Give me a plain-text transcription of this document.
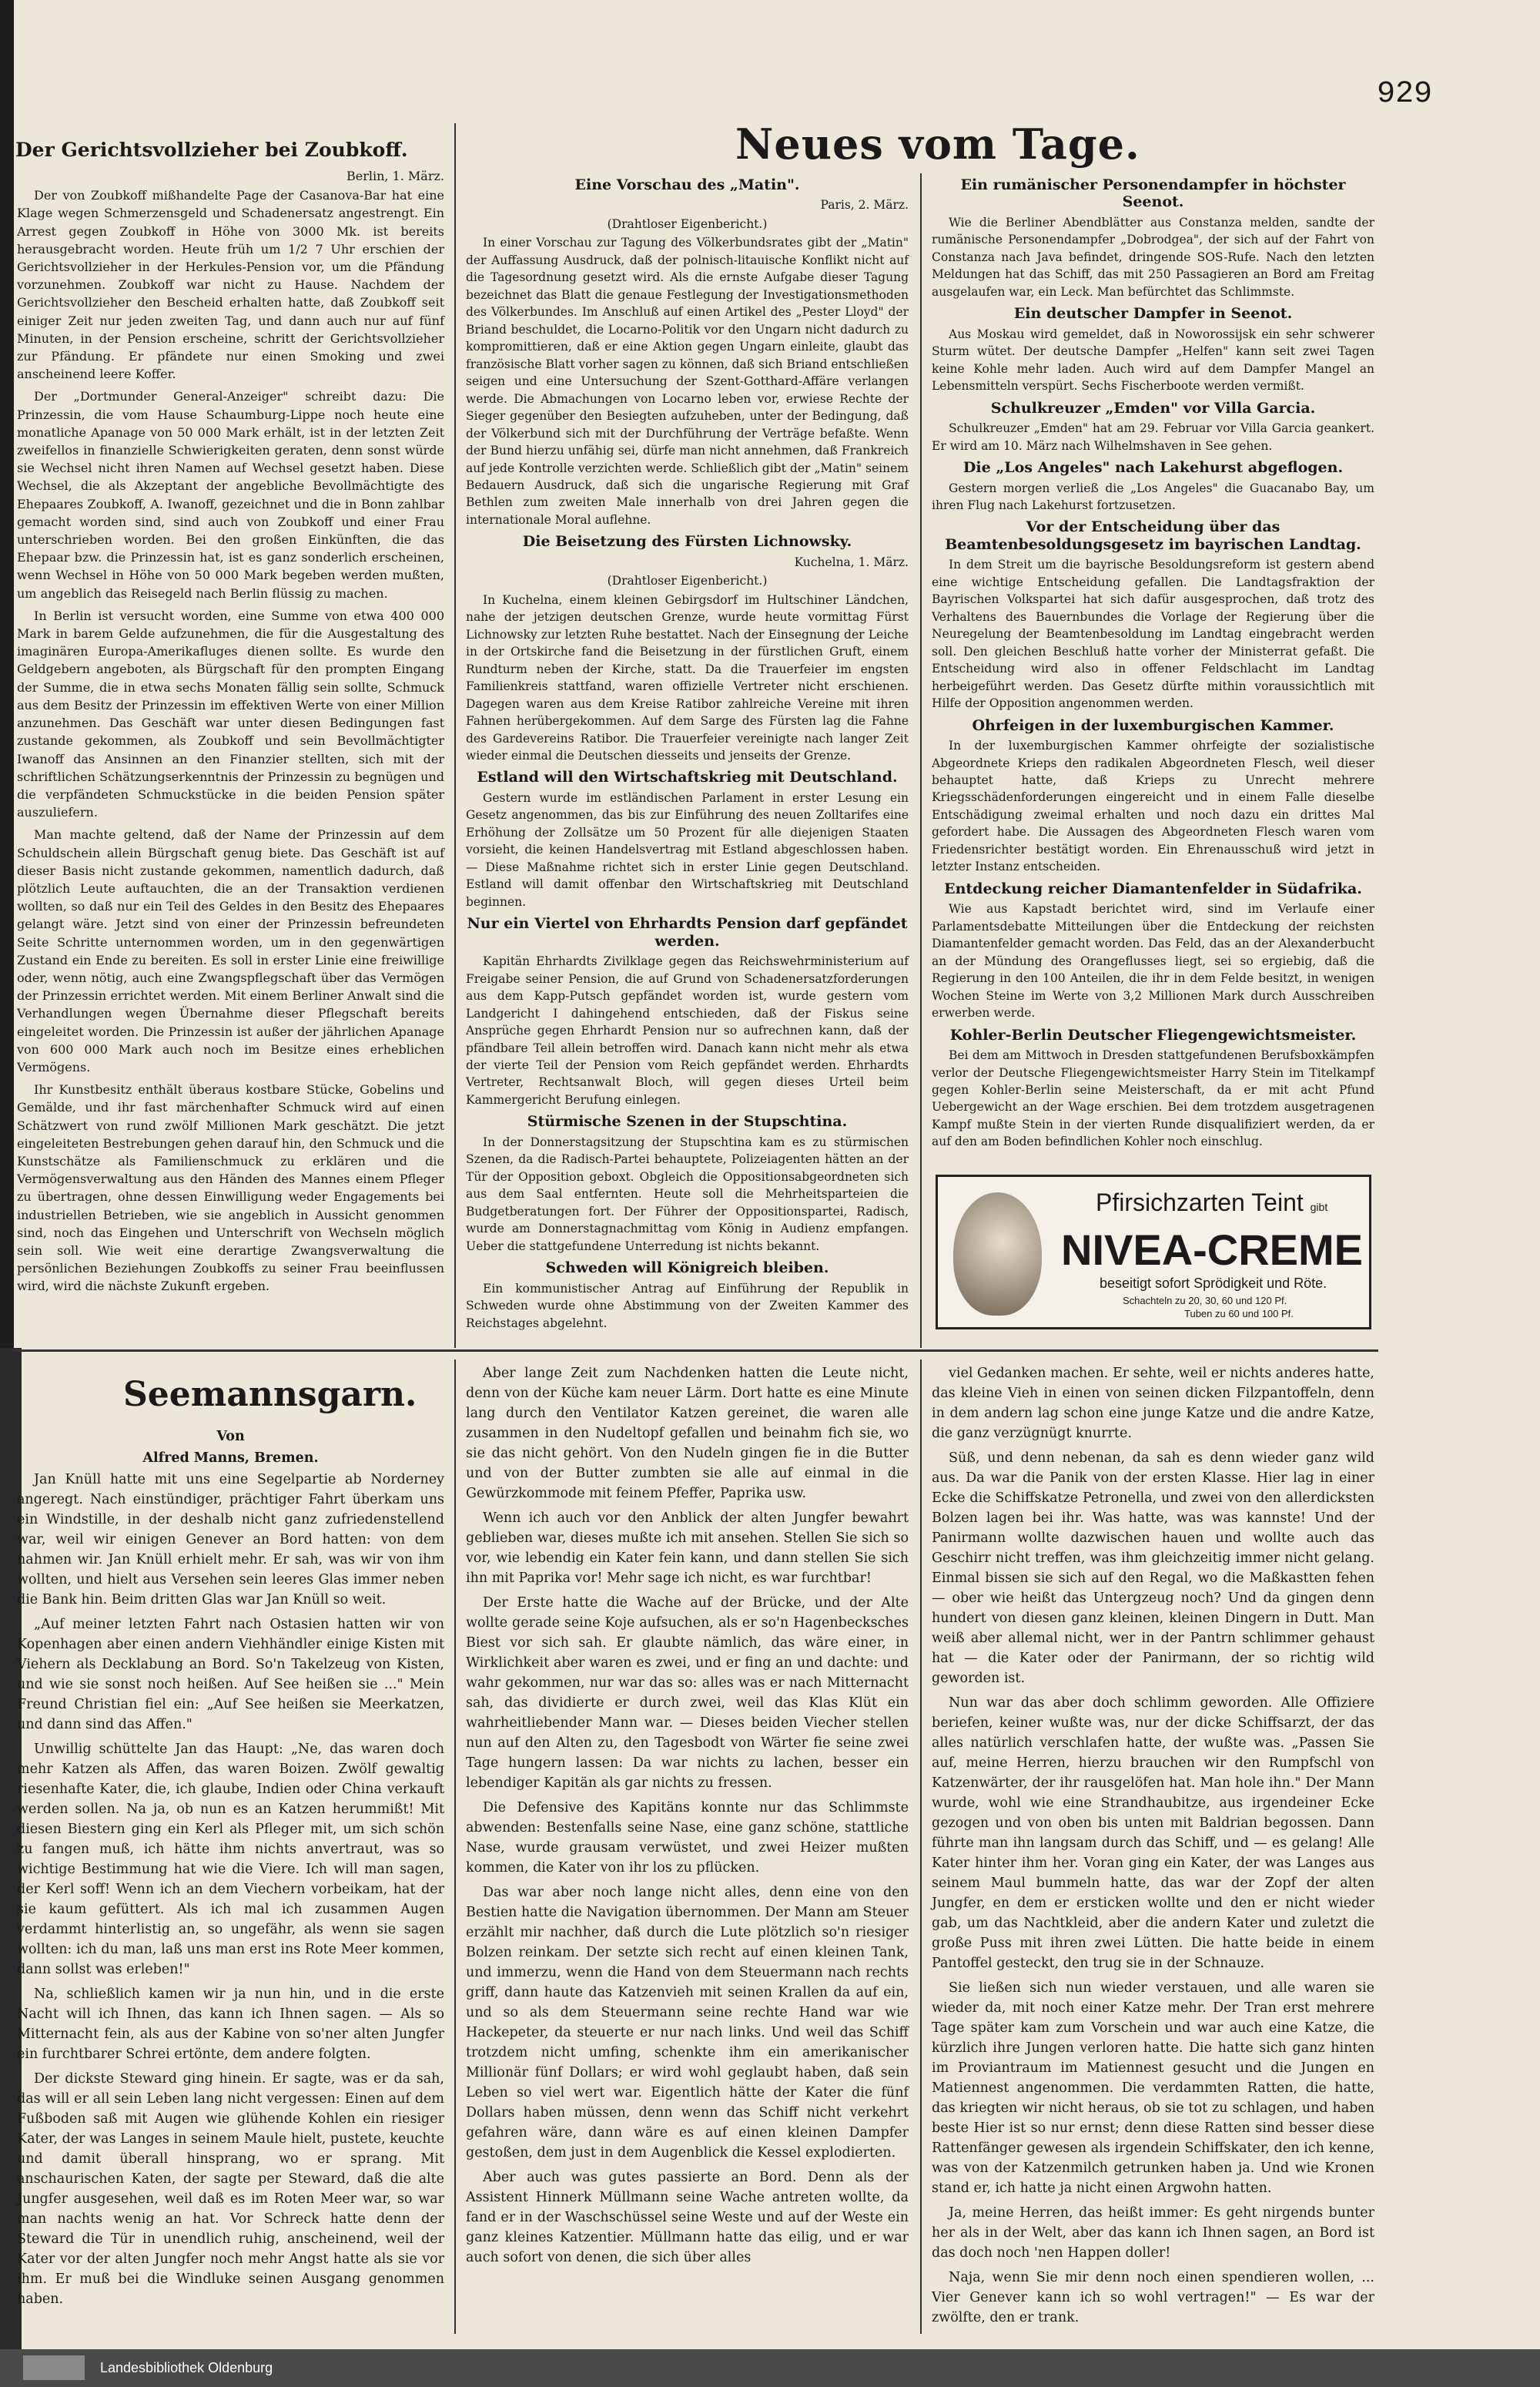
929
Neues vom Tage.
Der Gerichtsvollzieher bei Zoubkoff.
Berlin, 1. März.

Der von Zoubkoff mißhandelte Page der Casanova-Bar hat eine Klage wegen Schmerzensgeld und Schadenersatz angestrengt. Ein Arrest gegen Zoubkoff in Höhe von 3000 Mk. ist bereits herausgebracht worden. Heute früh um 1/2 7 Uhr erschien der Gerichtsvollzieher in der Herkules-Pension vor, um die Pfändung vorzunehmen. Zoubkoff war nicht zu Hause. Nachdem der Gerichtsvollzieher den Bescheid erhalten hatte, daß Zoubkoff seit einiger Zeit nur jeden zweiten Tag, und dann auch nur auf fünf Minuten, in der Pension erscheine, schritt der Gerichtsvollzieher zur Pfändung. Er pfändete nur einen Smoking und zwei anscheinend leere Koffer.

Der „Dortmunder General-Anzeiger" schreibt dazu: Die Prinzessin, die vom Hause Schaumburg-Lippe noch heute eine monatliche Apanage von 50 000 Mark erhält, ist in der letzten Zeit zweifellos in finanzielle Schwierigkeiten geraten, denn sonst würde sie Wechsel nicht ihren Namen auf Wechsel gesetzt haben. Diese Wechsel, die als Akzeptant der angebliche Bevollmächtigte des Ehepaares Zoubkoff, A. Iwanoff, gezeichnet und die in Bonn zahlbar gemacht worden sind, sind auch von Zoubkoff und einer Frau unterschrieben worden. Bei den großen Einkünften, die das Ehepaar bzw. die Prinzessin hat, ist es ganz sonderlich erscheinen, wenn Wechsel in Höhe von 50 000 Mark begeben werden mußten, um angeblich das Reisegeld nach Berlin flüssig zu machen.

In Berlin ist versucht worden, eine Summe von etwa 400 000 Mark in barem Gelde aufzunehmen, die für die Ausgestaltung des imaginären Europa-Amerikafluges dienen sollte. Es wurde den Geldgebern angeboten, als Bürgschaft für den prompten Eingang der Summe, die in etwa sechs Monaten fällig sein sollte, Schmuck aus dem Besitz der Prinzessin im effektiven Werte von einer Million anzunehmen. Das Geschäft war unter diesen Bedingungen fast zustande gekommen, als Zoubkoff und sein Bevollmächtigter Iwanoff das Ansinnen an den Finanzier stellten, sich mit der schriftlichen Schätzungserkenntnis der Prinzessin zu begnügen und die verpfändeten Schmuckstücke in die beiden Pension später auszuliefern.

Man machte geltend, daß der Name der Prinzessin auf dem Schuldschein allein Bürgschaft genug biete. Das Geschäft ist auf dieser Basis nicht zustande gekommen, namentlich dadurch, daß plötzlich Leute auftauchten, die an der Transaktion verdienen wollten, so daß nur ein Teil des Geldes in den Besitz des Ehepaares gelangt wäre. Jetzt sind von einer der Prinzessin befreundeten Seite Schritte unternommen worden, um in den gegenwärtigen Zustand ein Ende zu bereiten. Es soll in erster Linie eine freiwillige oder, wenn nötig, auch eine Zwangspflegschaft über das Vermögen der Prinzessin errichtet werden. Mit einem Berliner Anwalt sind die Verhandlungen wegen Übernahme dieser Pflegschaft bereits eingeleitet worden. Die Prinzessin ist außer der jährlichen Apanage von 600 000 Mark auch noch im Besitze eines erheblichen Vermögens.

Ihr Kunstbesitz enthält überaus kostbare Stücke, Gobelins und Gemälde, und ihr fast märchenhafter Schmuck wird auf einen Schätzwert von rund zwölf Millionen Mark geschätzt. Die jetzt eingeleiteten Bestrebungen gehen darauf hin, den Schmuck und die Kunstschätze als Familienschmuck zu erklären und die Vermögensverwaltung aus den Händen des Mannes einem Pfleger zu übertragen, ohne dessen Einwilligung weder Engagements bei industriellen Betrieben, wie sie angeblich in Aussicht genommen sind, noch das Eingehen und Unterschrift von Wechseln möglich sein soll. Wie weit eine derartige Zwangsverwaltung die persönlichen Beziehungen Zoubkoffs zu seiner Frau beeinflussen wird, wird die nächste Zukunft ergeben.

Eine Vorschau des „Matin".
Paris, 2. März.
(Drahtloser Eigenbericht.)

In einer Vorschau zur Tagung des Völkerbundsrates gibt der „Matin" der Auffassung Ausdruck, daß der polnisch-litauische Konflikt nicht auf die Tagesordnung gesetzt wird. Als die ernste Aufgabe dieser Tagung bezeichnet das Blatt die genaue Festlegung der Investigationsmethoden des Völkerbundes. Im Anschluß auf einen Artikel des „Pester Lloyd" der Briand beschuldet, die Locarno-Politik vor den Ungarn nicht dadurch zu kompromittieren, daß er eine Aktion gegen Ungarn einleite, glaubt das französische Blatt vorher sagen zu können, daß sich Briand entschließen seigen und eine Untersuchung der Szent-Gotthard-Affäre verlangen werde. Die Abmachungen von Locarno leben vor, erwiese Rechte der Sieger gegenüber den Besiegten aufzuheben, unter der Bedingung, daß der Völkerbund sich mit der Durchführung der Verträge befaßte. Wenn der Bund hierzu unfähig sei, dürfe man nicht annehmen, daß Frankreich auf jede Kontrolle verzichten werde. Schließlich gibt der „Matin" seinem Bedauern Ausdruck, daß sich die ungarische Regierung mit Graf Bethlen zum zweiten Male innerhalb von drei Jahren gegen die internationale Moral auflehne.

Die Beisetzung des Fürsten Lichnowsky.
Kuchelna, 1. März.
(Drahtloser Eigenbericht.)

In Kuchelna, einem kleinen Gebirgsdorf im Hultschiner Ländchen, nahe der jetzigen deutschen Grenze, wurde heute vormittag Fürst Lichnowsky zur letzten Ruhe bestattet. Nach der Einsegnung der Leiche in der Ortskirche fand die Beisetzung in der fürstlichen Gruft, einem Rundturm neben der Kirche, statt. Da die Trauerfeier im engsten Familienkreis stattfand, waren offizielle Vertreter nicht erschienen. Dagegen waren aus dem Kreise Ratibor zahlreiche Vereine mit ihren Fahnen herübergekommen. Auf dem Sarge des Fürsten lag die Fahne des Gardevereins Ratibor. Die Trauerfeier vereinigte nach langer Zeit wieder einmal die Deutschen diesseits und jenseits der Grenze.

Estland will den Wirtschaftskrieg mit Deutschland.

Gestern wurde im estländischen Parlament in erster Lesung ein Gesetz angenommen, das bis zur Einführung des neuen Zolltarifes eine Erhöhung der Zollsätze um 50 Prozent für alle diejenigen Staaten vorsieht, die keinen Handelsvertrag mit Estland abgeschlossen haben. — Diese Maßnahme richtet sich in erster Linie gegen Deutschland. Estland will damit offenbar den Wirtschaftskrieg mit Deutschland beginnen.

Nur ein Viertel von Ehrhardts Pension darf gepfändet werden.

Kapitän Ehrhardts Zivilklage gegen das Reichswehrministerium auf Freigabe seiner Pension, die auf Grund von Schadenersatzforderungen aus dem Kapp-Putsch gepfändet worden ist, wurde gestern vom Landgericht I dahingehend entschieden, daß der Fiskus seine Ansprüche gegen Ehrhardt Pension nur so aufrechnen kann, daß der pfändbare Teil allein betroffen wird. Danach kann nicht mehr als etwa der vierte Teil der Pension vom Reich gepfändet werden. Ehrhardts Vertreter, Rechtsanwalt Bloch, will gegen dieses Urteil beim Kammergericht Berufung einlegen.

Stürmische Szenen in der Stupschtina.

In der Donnerstagsitzung der Stupschtina kam es zu stürmischen Szenen, da die Radisch-Partei behauptete, Polizeiagenten hätten an der Tür der Opposition geboxt. Obgleich die Oppositionsabgeordneten sich aus dem Saal entfernten. Heute soll die Mehrheitsparteien die Budgetberatungen fort. Der Führer der Oppositionspartei, Radisch, wurde am Donnerstagnachmittag vom König in Audienz empfangen. Ueber die stattgefundene Unterredung ist nichts bekannt.

Schweden will Königreich bleiben.

Ein kommunistischer Antrag auf Einführung der Republik in Schweden wurde ohne Abstimmung von der Zweiten Kammer des Reichstages abgelehnt.

Ein rumänischer Personendampfer in höchster Seenot.

Wie die Berliner Abendblätter aus Constanza melden, sandte der rumänische Personendampfer „Dobrodgea", der sich auf der Fahrt von Constanza nach Java befindet, dringende SOS-Rufe. Nach den letzten Meldungen hat das Schiff, das mit 250 Passagieren an Bord am Freitag ausgelaufen war, ein Leck. Man befürchtet das Schlimmste.

Ein deutscher Dampfer in Seenot.

Aus Moskau wird gemeldet, daß in Noworossijsk ein sehr schwerer Sturm wütet. Der deutsche Dampfer „Helfen" kann seit zwei Tagen keine Kohle mehr laden. Auch wird auf dem Dampfer Mangel an Lebensmitteln verspürt. Sechs Fischerboote werden vermißt.

Schulkreuzer „Emden" vor Villa Garcia.

Schulkreuzer „Emden" hat am 29. Februar vor Villa Garcia geankert. Er wird am 10. März nach Wilhelmshaven in See gehen.

Die „Los Angeles" nach Lakehurst abgeflogen.

Gestern morgen verließ die „Los Angeles" die Guacanabo Bay, um ihren Flug nach Lakehurst fortzusetzen.

Vor der Entscheidung über das Beamtenbesoldungsgesetz im bayrischen Landtag.

In dem Streit um die bayrische Besoldungsreform ist gestern abend eine wichtige Entscheidung gefallen. Die Landtagsfraktion der Bayrischen Volkspartei hat sich dafür ausgesprochen, daß trotz des Verhaltens des Bauernbundes die Vorlage der Regierung über die Neuregelung der Beamtenbesoldung im Landtag eingebracht werden soll. Den gleichen Beschluß hatte vorher der Ministerrat gefaßt. Die Entscheidung wird also in offener Feldschlacht im Landtag herbeigeführt werden. Das Gesetz dürfte mithin voraussichtlich mit Hilfe der Opposition angenommen werden.

Ohrfeigen in der luxemburgischen Kammer.

In der luxemburgischen Kammer ohrfeigte der sozialistische Abgeordnete Krieps den radikalen Abgeordneten Flesch, weil dieser behauptet hatte, daß Krieps zu Unrecht mehrere Kriegsschädenforderungen eingereicht und in einem Falle dieselbe Entschädigung zweimal erhalten und noch dazu ein drittes Mal gefordert habe. Die Aussagen des Abgeordneten Flesch waren vom Friedensrichter bestätigt worden. Ein Ehrenausschuß wird jetzt in letzter Instanz entscheiden.

Entdeckung reicher Diamantenfelder in Südafrika.

Wie aus Kapstadt berichtet wird, sind im Verlaufe einer Parlamentsdebatte Mitteilungen über die Entdeckung der reichsten Diamantenfelder gemacht worden. Das Feld, das an der Alexanderbucht an der Mündung des Orangeflusses liegt, sei so ergiebig, daß die Regierung in den 100 Anteilen, die ihr in dem Felde besitzt, in wenigen Wochen Steine im Werte von 3,2 Millionen Mark durch Ausschreiben erwerben werde.

Kohler-Berlin Deutscher Fliegengewichtsmeister.

Bei dem am Mittwoch in Dresden stattgefundenen Berufsboxkämpfen verlor der Deutsche Fliegengewichtsmeister Harry Stein im Titelkampf gegen Kohler-Berlin seine Meisterschaft, da er mit acht Pfund Uebergewicht an der Wage erschien. Bei dem trotzdem ausgetragenen Kampf mußte Stein in der vierten Runde disqualifiziert werden, da er auf den am Boden befindlichen Kohler noch einschlug.

Pfirsichzarten Teint gibt
NIVEA-CREME
beseitigt sofort Sprödigkeit und Röte.
Schachteln zu 20, 30, 60 und 120 Pf.
Tuben zu 60 und 100 Pf.
Seemannsgarn.
Von
Alfred Manns, Bremen.

Jan Knüll hatte mit uns eine Segelpartie ab Norderney angeregt. Nach einstündiger, prächtiger Fahrt überkam uns ein Windstille, in der deshalb nicht ganz zufriedenstellend war, weil wir einigen Genever an Bord hatten: von dem nahmen wir. Jan Knüll erhielt mehr. Er sah, was wir von ihm wollten, und hielt aus Versehen sein leeres Glas immer neben die Bank hin. Beim dritten Glas war Jan Knüll so weit.

„Auf meiner letzten Fahrt nach Ostasien hatten wir von Kopenhagen aber einen andern Viehhändler einige Kisten mit Viehern als Decklabung an Bord. So'n Takelzeug von Kisten, und wie sie sonst noch heißen. Auf See heißen sie ..." Mein Freund Christian fiel ein: „Auf See heißen sie Meerkatzen, und dann sind das Affen."

Unwillig schüttelte Jan das Haupt: „Ne, das waren doch mehr Katzen als Affen, das waren Boizen. Zwölf gewaltig riesenhafte Kater, die, ich glaube, Indien oder China verkauft werden sollen. Na ja, ob nun es an Katzen herummißt! Mit diesen Biestern ging ein Kerl als Pfleger mit, um sich schön zu fangen muß, ich hätte ihm nichts anvertraut, was so wichtige Bestimmung hat wie die Viere. Ich will man sagen, der Kerl soff! Wenn ich an dem Viechern vorbeikam, hat der sie kaum gefüttert. Als ich mal ich zusammen Augen verdammt hinterlistig an, so ungefähr, als wenn sie sagen wollten: ich du man, laß uns man erst ins Rote Meer kommen, dann sollst was erleben!"

Na, schließlich kamen wir ja nun hin, und in die erste Nacht will ich Ihnen, das kann ich Ihnen sagen. — Als so Mitternacht fein, als aus der Kabine von so'ner alten Jungfer ein furchtbarer Schrei ertönte, dem andere folgten.

Der dickste Steward ging hinein. Er sagte, was er da sah, das will er all sein Leben lang nicht vergessen: Einen auf dem Fußboden saß mit Augen wie glühende Kohlen ein riesiger Kater, der was Langes in seinem Maule hielt, pustete, keuchte und damit überall hinsprang, wo er sprang. Mit anschaurischen Katen, der sagte per Steward, daß die alte Jungfer ausgesehen, weil daß es im Roten Meer war, so war man nachts wenig an hat. Vor Schreck hatte denn der Steward die Tür in unendlich ruhig, anscheinend, weil der Kater vor der alten Jungfer noch mehr Angst hatte als sie vor ihm. Er muß bei die Windluke seinen Ausgang genommen haben.

Aber lange Zeit zum Nachdenken hatten die Leute nicht, denn von der Küche kam neuer Lärm. Dort hatte es eine Minute lang durch den Ventilator Katzen gereinet, die waren alle zusammen in den Nudeltopf gefallen und beinahm fich sie, wo sie das nicht gehört. Von den Nudeln gingen fie in die Butter und von der Butter zumbten sie alle auf einmal in die Gewürzkommode mit feinem Pfeffer, Paprika usw.

Wenn ich auch vor den Anblick der alten Jungfer bewahrt geblieben war, dieses mußte ich mit ansehen. Stellen Sie sich so vor, wie lebendig ein Kater fein kann, und dann stellen Sie sich ihn mit Paprika vor! Mehr sage ich nicht, es war furchtbar!

Der Erste hatte die Wache auf der Brücke, und der Alte wollte gerade seine Koje aufsuchen, als er so'n Hagenbecksches Biest vor sich sah. Er glaubte nämlich, das wäre einer, in Wirklichkeit aber waren es zwei, und er fing an und dachte: und wahr gekommen, nur war das so: alles was er nach Mitternacht sah, das dividierte er durch zwei, weil das Klas Klüt ein wahrheitliebender Mann war. — Dieses beiden Viecher stellen nun auf den Alten zu, den Tagesbodt von Wärter fie seine zwei Tage hungern lassen: Da war nichts zu lachen, besser ein lebendiger Kapitän als gar nichts zu fressen.

Die Defensive des Kapitäns konnte nur das Schlimmste abwenden: Bestenfalls seine Nase, eine ganz schöne, stattliche Nase, wurde grausam verwüstet, und zwei Heizer mußten kommen, die Kater von ihr los zu pflücken.

Das war aber noch lange nicht alles, denn eine von den Bestien hatte die Navigation übernommen. Der Mann am Steuer erzählt mir nachher, daß durch die Lute plötzlich so'n riesiger Bolzen reinkam. Der setzte sich recht auf einen kleinen Tank, und immerzu, wenn die Hand von dem Steuermann nach rechts griff, dann haute das Katzenvieh mit seinen Krallen da auf ein, und so als dem Steuermann seine rechte Hand war wie Hackepeter, da steuerte er nur nach links. Und weil das Schiff trotzdem nicht umfing, schenkte ihm ein amerikanischer Millionär fünf Dollars; er wird wohl geglaubt haben, daß sein Leben so viel wert war. Eigentlich hätte der Kater die fünf Dollars haben müssen, denn wenn das Schiff nicht verkehrt gefahren wäre, dann wäre es auf einen kleinen Dampfer gestoßen, dem just in dem Augenblick die Kessel explodierten.

Aber auch was gutes passierte an Bord. Denn als der Assistent Hinnerk Müllmann seine Wache antreten wollte, da fand er in der Waschschüssel seine Weste und auf der Weste ein ganz kleines Katzentier. Müllmann hatte das eilig, und er war auch sofort von denen, die sich über alles

viel Gedanken machen. Er sehte, weil er nichts anderes hatte, das kleine Vieh in einen von seinen dicken Filzpantoffeln, denn in dem andern lag schon eine junge Katze und die andre Katze, die ganz verzügnügt knurrte.

Süß, und denn nebenan, da sah es denn wieder ganz wild aus. Da war die Panik von der ersten Klasse. Hier lag in einer Ecke die Schiffskatze Petronella, und zwei von den allerdicksten Bolzen lagen bei ihr. Was hatte, was was kannste! Und der Panirmann wollte dazwischen hauen und wollte auch das Geschirr nicht treffen, was ihm gleichzeitig immer nicht gelang. Einmal bissen sie sich auf den Regal, wo die Maßkastten fehen — ober wie heißt das Untergzeug noch? Und da gingen denn hundert von diesen ganz kleinen, kleinen Dingern in Dutt. Man weiß aber allemal nicht, wer in der Pantrn schlimmer gehaust hat — die Kater oder der Panirmann, der so richtig wild geworden ist.

Nun war das aber doch schlimm geworden. Alle Offiziere beriefen, keiner wußte was, nur der dicke Schiffsarzt, der das alles natürlich verschlafen hatte, der wußte was. „Passen Sie auf, meine Herren, hierzu brauchen wir den Rumpfschl von Katzenwärter, der ihr rausgelöfen hat. Man hole ihn." Der Mann wurde, wohl wie eine Strandhaubitze, aus irgendeiner Ecke gezogen und von oben bis unten mit Baldrian begossen. Dann führte man ihn langsam durch das Schiff, und — es gelang! Alle Kater hinter ihm her. Voran ging ein Kater, der was Langes aus seinem Maul bummeln hatte, das war der Zopf der alten Jungfer, en dem er ersticken wollte und den er nicht wieder gab, um das Nachtkleid, aber die andern Kater und zuletzt die große Puss mit ihren zwei Lütten. Die hatte beide in einem Pantoffel gesteckt, den trug sie in der Schnauze.

Sie ließen sich nun wieder verstauen, und alle waren sie wieder da, mit noch einer Katze mehr. Der Tran erst mehrere Tage später kam zum Vorschein und war auch eine Katze, die kürzlich ihre Jungen verloren hatte. Die hatte sich ganz hinten im Proviantraum im Matiennest gesucht und die Jungen en Matiennest angenommen. Die verdammten Ratten, die hatte, das kriegten wir nicht heraus, ob sie tot zu schlagen, und haben beste Hier ist so nur ernst; denn diese Ratten sind besser diese Rattenfänger gewesen als irgendein Schiffskater, den ich kenne, was von der Katzenmilch getrunken haben ja. Und wie Kronen stand er, ich hatte ja nicht einen Argwohn hatten.

Ja, meine Herren, das heißt immer: Es geht nirgends bunter her als in der Welt, aber das kann ich Ihnen sagen, an Bord ist das doch noch 'nen Happen doller!

Naja, wenn Sie mir denn noch einen spendieren wollen, ... Vier Genever kann ich so wohl vertragen!" — Es war der zwölfte, den er trank.

Landesbibliothek Oldenburg
